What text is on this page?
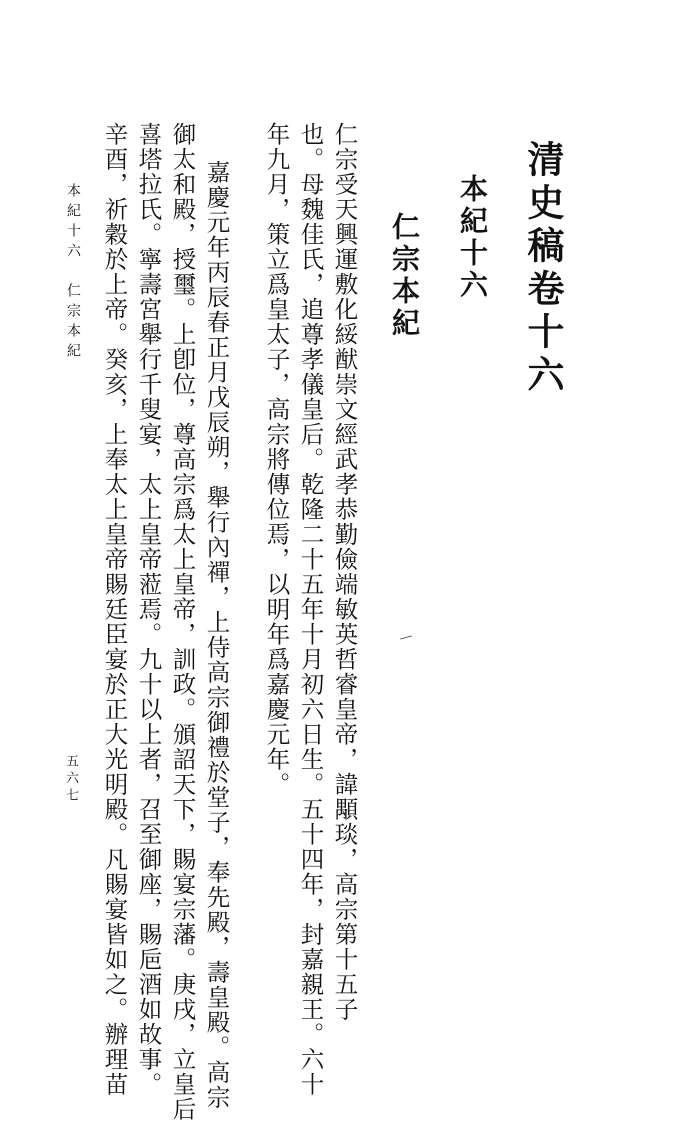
清史稿卷十六
本紀十六
仁宗本紀
仁宗受天興運敷化綏猷崇文經武孝恭勤儉端敏英哲睿皇帝，諱顒琰，高宗第十五子
也。母魏佳氏，追尊孝儀皇后。乾隆二十五年十月初六日生。五十四年，封嘉親王。六十
年九月，策立爲皇太子，高宗將傳位焉，以明年爲嘉慶元年。
嘉慶元年丙辰春正月戊辰朔，舉行內禪，上侍高宗御禮於堂子，奉先殿，壽皇殿。高宗
御太和殿，授璽。上卽位，尊高宗爲太上皇帝，訓政。頒詔天下，賜宴宗藩。庚戌，立皇后
喜塔拉氏。寧壽宮舉行千叟宴，太上皇帝蒞焉。九十以上者，召至御座，賜巵酒如故事。
辛酉，祈穀於上帝。癸亥，上奉太上皇帝賜廷臣宴於正大光明殿。凡賜宴皆如之。辦理苗
本紀十六　仁宗本紀
五六七
